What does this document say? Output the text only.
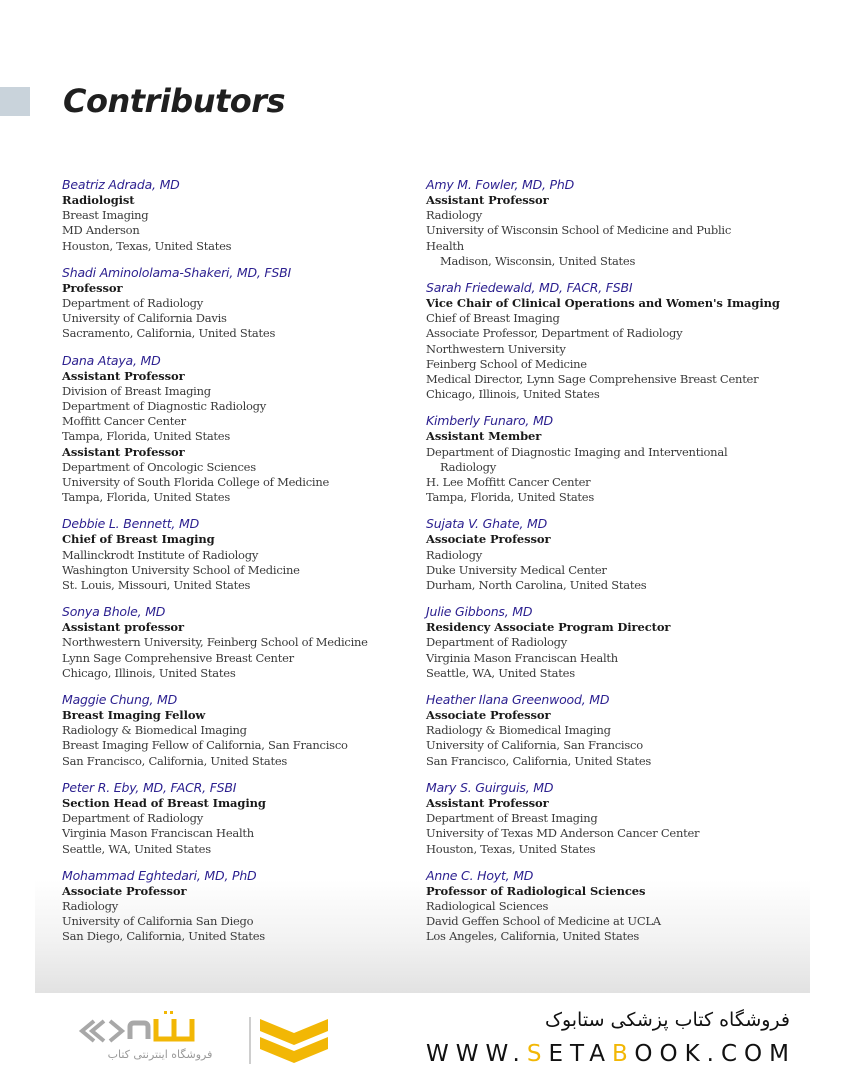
Contributors
Beatriz Adrada, MD
Radiologist
Breast Imaging
MD Anderson
Houston, Texas, United States
Shadi Aminololama-Shakeri, MD, FSBI
Professor
Department of Radiology
University of California Davis
Sacramento, California, United States
Dana Ataya, MD
Assistant Professor
Division of Breast Imaging
Department of Diagnostic Radiology
Moffitt Cancer Center
Tampa, Florida, United States
Assistant Professor
Department of Oncologic Sciences
University of South Florida College of Medicine
Tampa, Florida, United States
Debbie L. Bennett, MD
Chief of Breast Imaging
Mallinckrodt Institute of Radiology
Washington University School of Medicine
St. Louis, Missouri, United States
Sonya Bhole, MD
Assistant professor
Northwestern University, Feinberg School of Medicine
Lynn Sage Comprehensive Breast Center
Chicago, Illinois, United States
Maggie Chung, MD
Breast Imaging Fellow
Radiology & Biomedical Imaging
Breast Imaging Fellow of California, San Francisco
San Francisco, California, United States
Peter R. Eby, MD, FACR, FSBI
Section Head of Breast Imaging
Department of Radiology
Virginia Mason Franciscan Health
Seattle, WA, United States
Mohammad Eghtedari, MD, PhD
Associate Professor
Radiology
University of California San Diego
San Diego, California, United States
Amy M. Fowler, MD, PhD
Assistant Professor
Radiology
University of Wisconsin School of Medicine and Public
Health
Madison, Wisconsin, United States
Sarah Friedewald, MD, FACR, FSBI
Vice Chair of Clinical Operations and Women's Imaging
Chief of Breast Imaging
Associate Professor, Department of Radiology
Northwestern University
Feinberg School of Medicine
Medical Director, Lynn Sage Comprehensive Breast Center
Chicago, Illinois, United States
Kimberly Funaro, MD
Assistant Member
Department of Diagnostic Imaging and Interventional
Radiology
H. Lee Moffitt Cancer Center
Tampa, Florida, United States
Sujata V. Ghate, MD
Associate Professor
Radiology
Duke University Medical Center
Durham, North Carolina, United States
Julie Gibbons, MD
Residency Associate Program Director
Department of Radiology
Virginia Mason Franciscan Health
Seattle, WA, United States
Heather Ilana Greenwood, MD
Associate Professor
Radiology & Biomedical Imaging
University of California, San Francisco
San Francisco, California, United States
Mary S. Guirguis, MD
Assistant Professor
Department of Breast Imaging
University of Texas MD Anderson Cancer Center
Houston, Texas, United States
Anne C. Hoyt, MD
Professor of Radiological Sciences
Radiological Sciences
David Geffen School of Medicine at UCLA
Los Angeles, California, United States
فروشگاه اینترنتی کتاب
فروشگاه کتاب پزشکی ستابوک
WWW.SETABOOK.COM
